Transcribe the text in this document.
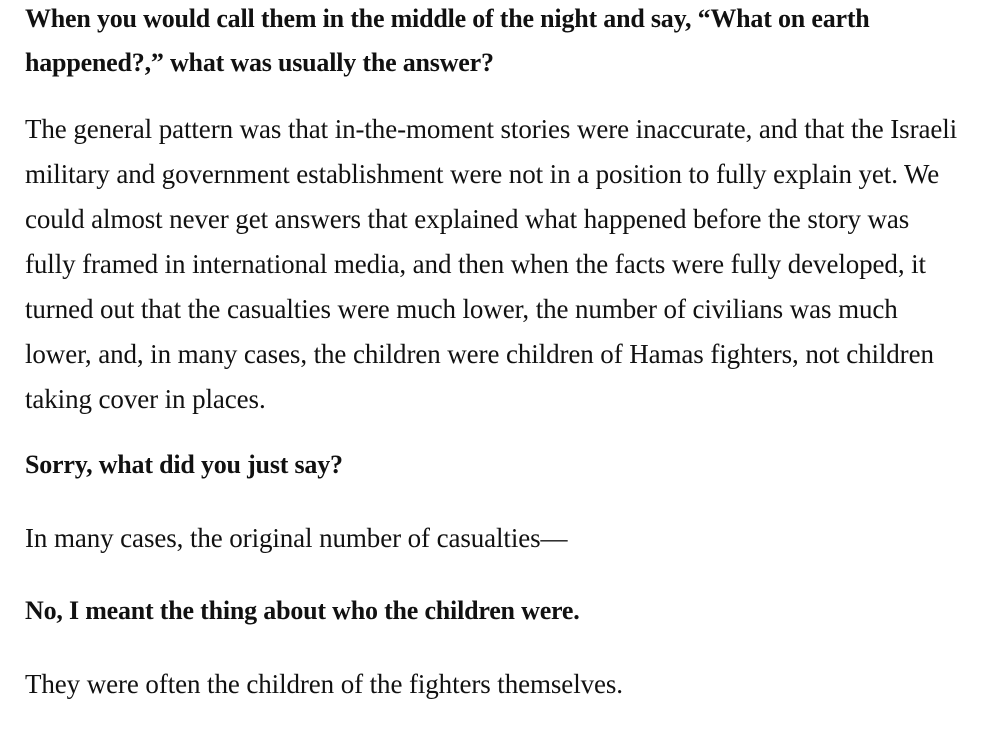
When you would call them in the middle of the night and say, “What on earth happened?,” what was usually the answer?

The general pattern was that in-the-moment stories were inaccurate, and that the Israeli military and government establishment were not in a position to fully explain yet. We could almost never get answers that explained what happened before the story was fully framed in international media, and then when the facts were fully developed, it turned out that the casualties were much lower, the number of civilians was much lower, and, in many cases, the children were children of Hamas fighters, not children taking cover in places.

Sorry, what did you just say?

In many cases, the original number of casualties—

No, I meant the thing about who the children were.

They were often the children of the fighters themselves.
